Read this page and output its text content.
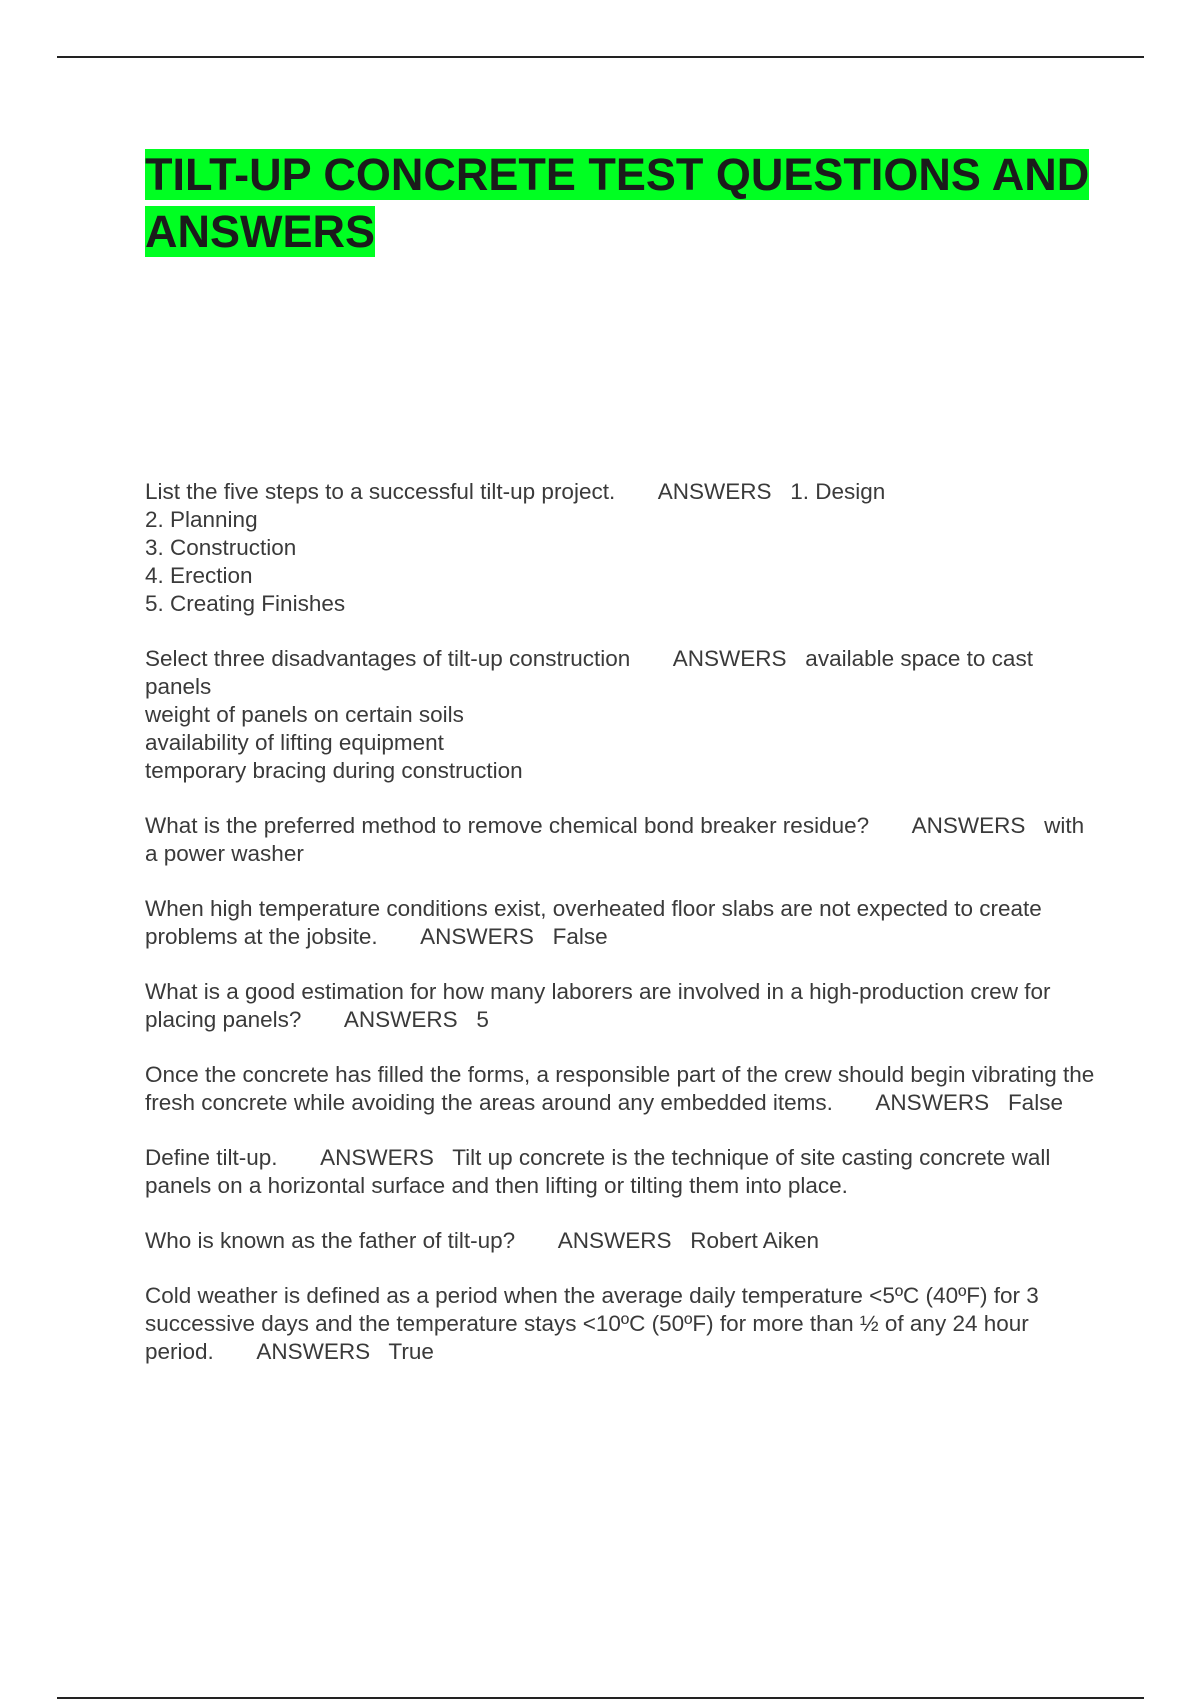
TILT-UP CONCRETE TEST QUESTIONS AND ANSWERS
List the five steps to a successful tilt-up project.       ANSWERS   1. Design
2. Planning
3. Construction
4. Erection
5. Creating Finishes
Select three disadvantages of tilt-up construction       ANSWERS   available space to cast panels
weight of panels on certain soils
availability of lifting equipment
temporary bracing during construction
What is the preferred method to remove chemical bond breaker residue?       ANSWERS   with a power washer
When high temperature conditions exist, overheated floor slabs are not expected to create problems at the jobsite.       ANSWERS   False
What is a good estimation for how many laborers are involved in a high-production crew for placing panels?       ANSWERS   5
Once the concrete has filled the forms, a responsible part of the crew should begin vibrating the fresh concrete while avoiding the areas around any embedded items.       ANSWERS   False
Define tilt-up.       ANSWERS   Tilt up concrete is the technique of site casting concrete wall panels on a horizontal surface and then lifting or tilting them into place.
Who is known as the father of tilt-up?       ANSWERS   Robert Aiken
Cold weather is defined as a period when the average daily temperature <5ºC (40ºF) for 3 successive days and the temperature stays <10ºC (50ºF) for more than ½ of any 24 hour period.       ANSWERS   True
